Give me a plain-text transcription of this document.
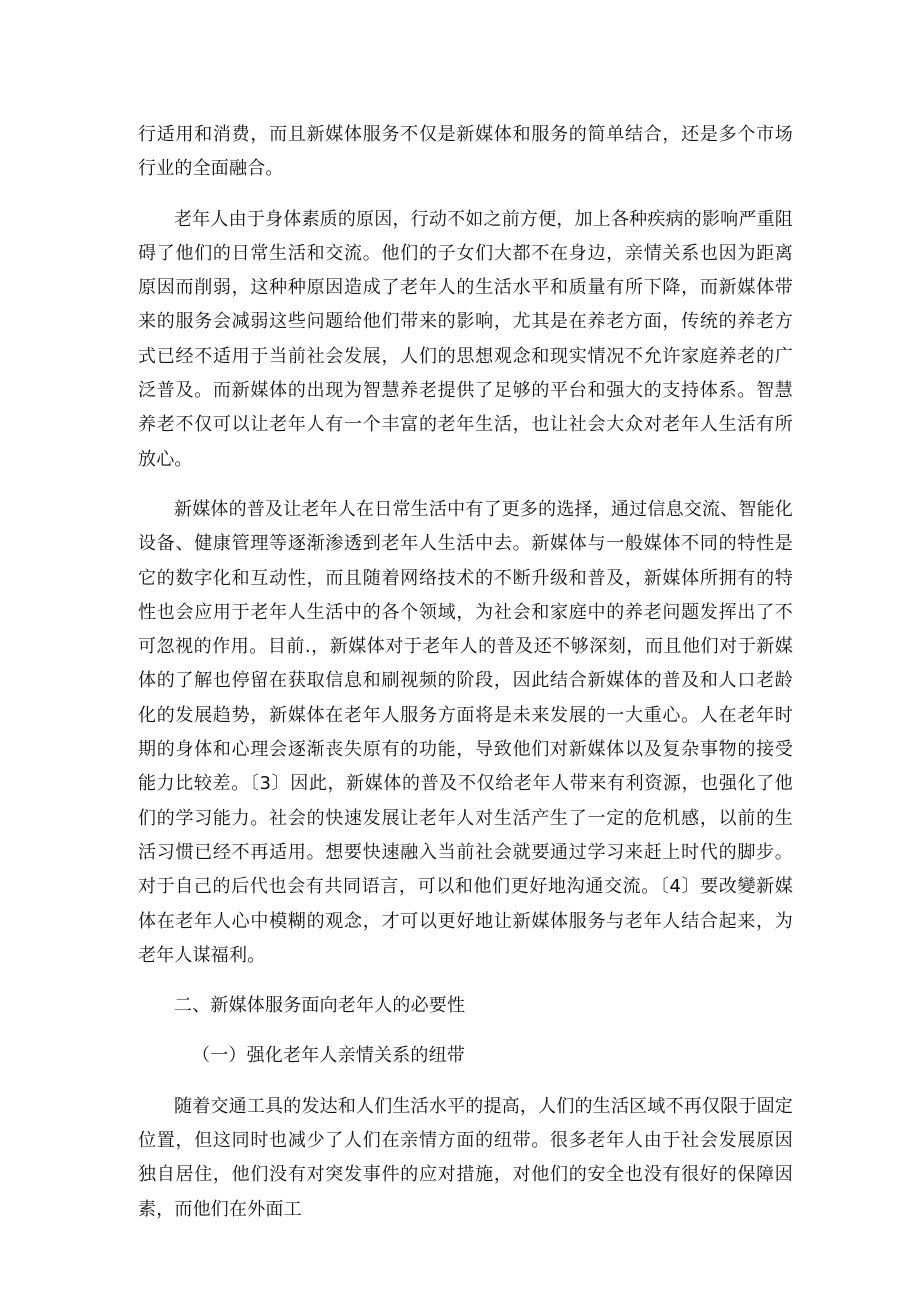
行适用和消费，而且新媒体服务不仅是新媒体和服务的简单结合，还是多个市场行业的全面融合。

老年人由于身体素质的原因，行动不如之前方便，加上各种疾病的影响严重阻碍了他们的日常生活和交流。他们的子女们大都不在身边，亲情关系也因为距离原因而削弱，这种种原因造成了老年人的生活水平和质量有所下降，而新媒体带来的服务会减弱这些问题给他们带来的影响，尤其是在养老方面，传统的养老方式已经不适用于当前社会发展，人们的思想观念和现实情况不允许家庭养老的广泛普及。而新媒体的出现为智慧养老提供了足够的平台和强大的支持体系。智慧养老不仅可以让老年人有一个丰富的老年生活，也让社会大众对老年人生活有所放心。

新媒体的普及让老年人在日常生活中有了更多的选择，通过信息交流、智能化设备、健康管理等逐渐渗透到老年人生活中去。新媒体与一般媒体不同的特性是它的数字化和互动性，而且随着网络技术的不断升级和普及，新媒体所拥有的特性也会应用于老年人生活中的各个领域，为社会和家庭中的养老问题发挥出了不可忽视的作用。目前.，新媒体对于老年人的普及还不够深刻，而且他们对于新媒体的了解也停留在获取信息和刷视频的阶段，因此结合新媒体的普及和人口老龄化的发展趋势，新媒体在老年人服务方面将是未来发展的一大重心。人在老年时期的身体和心理会逐渐丧失原有的功能，导致他们对新媒体以及复杂事物的接受能力比较差。〔3〕因此，新媒体的普及不仅给老年人带来有利资源，也强化了他们的学习能力。社会的快速发展让老年人对生活产生了一定的危机感，以前的生活习惯已经不再适用。想要快速融入当前社会就要通过学习来赶上时代的脚步。对于自己的后代也会有共同语言，可以和他们更好地沟通交流。〔4〕要改變新媒体在老年人心中模糊的观念，才可以更好地让新媒体服务与老年人结合起来，为老年人谋福利。

二、新媒体服务面向老年人的必要性

（一）强化老年人亲情关系的纽带

随着交通工具的发达和人们生活水平的提高，人们的生活区域不再仅限于固定位置，但这同时也减少了人们在亲情方面的纽带。很多老年人由于社会发展原因独自居住，他们没有对突发事件的应对措施，对他们的安全也没有很好的保障因素，而他们在外面工
